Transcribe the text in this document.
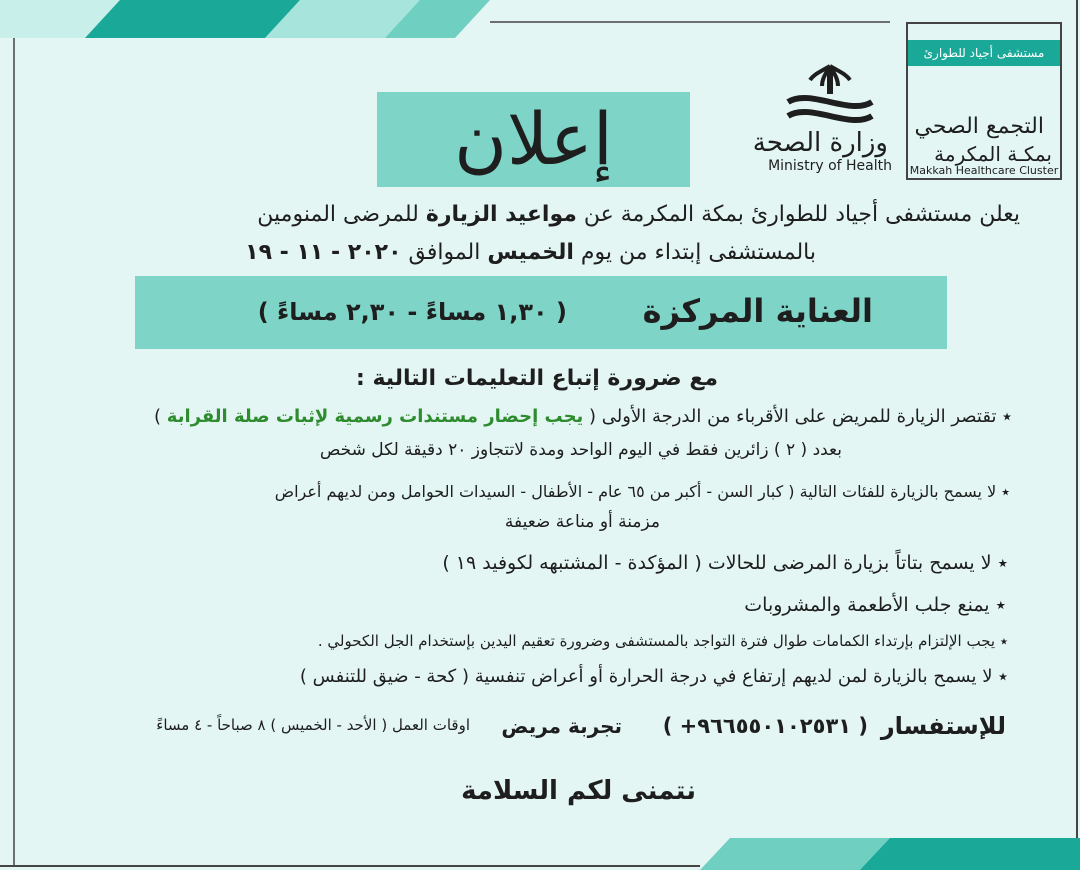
مستشفى أجياد للطوارئ
التجمع الصحي
بمكـة المكرمة
Makkah Healthcare Cluster
وزارة الصحة
Ministry of Health
إعلان
يعلن مستشفى أجياد للطوارئ بمكة المكرمة عن مواعيد الزيارة للمرضى المنومين
بالمستشفى إبتداء من يوم الخميس الموافق ٢٠٢٠ - ١١ - ١٩
العناية المركزة
( ١,٣٠ مساءً - ٢,٣٠ مساءً )
مع ضرورة إتباع التعليمات التالية :
٭ تقتصر الزيارة للمريض على الأقرباء من الدرجة الأولى ( يجب إحضار مستندات رسمية لإثبات صلة القرابة )
بعدد ( ٢ ) زائرين فقط في اليوم الواحد ومدة لاتتجاوز ٢٠ دقيقة لكل شخص
٭ لا يسمح بالزيارة للفئات التالية ( كبار السن - أكبر من ٦٥ عام - الأطفال - السيدات الحوامل ومن لديهم أعراض
مزمنة أو مناعة ضعيفة
٭ لا يسمح بتاتاً بزيارة المرضى للحالات ( المؤكدة - المشتبهه لكوفيد ١٩ )
٭ يمنع جلب الأطعمة والمشروبات
٭ يجب الإلتزام بإرتداء الكمامات طوال فترة التواجد بالمستشفى وضرورة تعقيم اليدين بإستخدام الجل الكحولي .
٭ لا يسمح بالزيارة لمن لديهم إرتفاع في درجة الحرارة أو أعراض تنفسية ( كحة - ضيق للتنفس )
للإستفسار
( ٩٦٦٥٥٠١٠٢٥٣١+ )
تجربة مريض
اوقات العمل ( الأحد - الخميس ) ٨ صباحاً - ٤ مساءً
نتمنى لكم السلامة
